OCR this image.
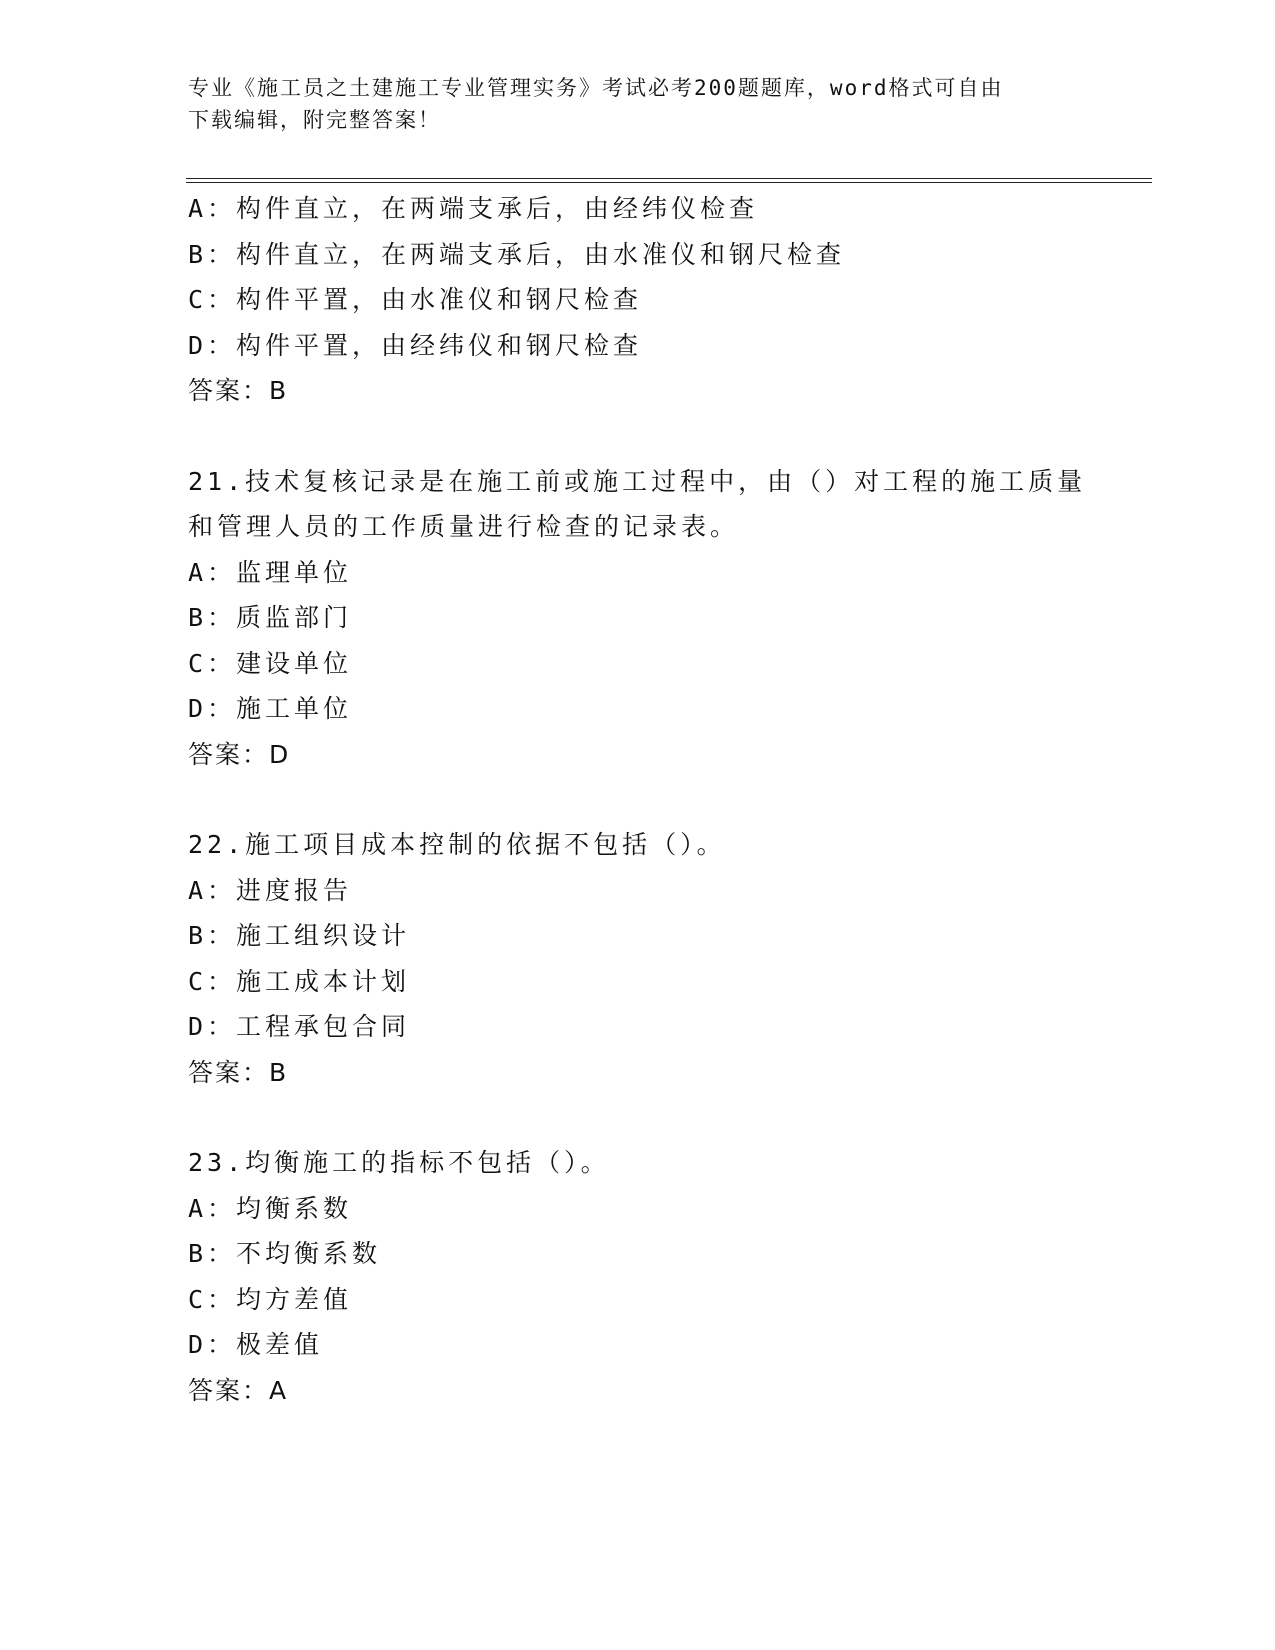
专业《施工员之土建施工专业管理实务》考试必考200题题库，word格式可自由
下载编辑，附完整答案！
A：构件直立，在两端支承后，由经纬仪检查
B：构件直立，在两端支承后，由水准仪和钢尺检查
C：构件平置，由水准仪和钢尺检查
D：构件平置，由经纬仪和钢尺检查
答案：B
21.技术复核记录是在施工前或施工过程中，由（）对工程的施工质量
和管理人员的工作质量进行检查的记录表。
A：监理单位
B：质监部门
C：建设单位
D：施工单位
答案：D
22.施工项目成本控制的依据不包括（）。
A：进度报告
B：施工组织设计
C：施工成本计划
D：工程承包合同
答案：B
23.均衡施工的指标不包括（）。
A：均衡系数
B：不均衡系数
C：均方差值
D：极差值
答案：A
